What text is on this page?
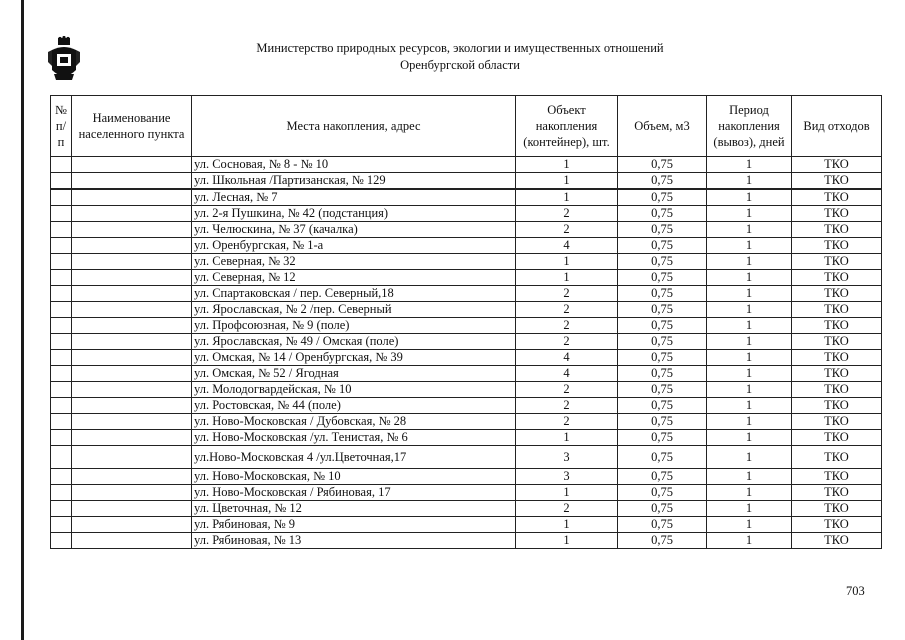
Министерство природных ресурсов, экологии и имущественных отношений
Оренбургской области
№ п/п	Наименование населенного пункта	Места накопления, адрес	Объект накопления (контейнер), шт.	Объем, м3	Период накопления (вывоз), дней	Вид отходов
		ул. Сосновая, № 8 - № 10	1	0,75	1	ТКО
		ул. Школьная /Партизанская, № 129	1	0,75	1	ТКО
		ул. Лесная, № 7	1	0,75	1	ТКО
		ул. 2-я Пушкина, № 42 (подстанция)	2	0,75	1	ТКО
		ул. Челюскина, № 37 (качалка)	2	0,75	1	ТКО
		ул. Оренбургская, № 1-а	4	0,75	1	ТКО
		ул. Северная, № 32	1	0,75	1	ТКО
		ул. Северная, № 12	1	0,75	1	ТКО
		ул. Спартаковская / пер. Северный,18	2	0,75	1	ТКО
		ул. Ярославская, № 2 /пер. Северный	2	0,75	1	ТКО
		ул. Профсоюзная, № 9 (поле)	2	0,75	1	ТКО
		ул. Ярославская, № 49 / Омская (поле)	2	0,75	1	ТКО
		ул. Омская, № 14 / Оренбургская, № 39	4	0,75	1	ТКО
		ул. Омская, № 52 / Ягодная	4	0,75	1	ТКО
		ул. Молодогвардейская, № 10	2	0,75	1	ТКО
		ул. Ростовская, № 44 (поле)	2	0,75	1	ТКО
		ул. Ново-Московская / Дубовская, № 28	2	0,75	1	ТКО
		ул. Ново-Московская /ул. Тенистая, № 6	1	0,75	1	ТКО
		ул.Ново-Московская 4 /ул.Цветочная,17	3	0,75	1	ТКО
		ул. Ново-Московская, № 10	3	0,75	1	ТКО
		ул. Ново-Московская / Рябиновая, 17	1	0,75	1	ТКО
		ул. Цветочная, № 12	2	0,75	1	ТКО
		ул. Рябиновая, № 9	1	0,75	1	ТКО
		ул. Рябиновая, № 13	1	0,75	1	ТКО
703
